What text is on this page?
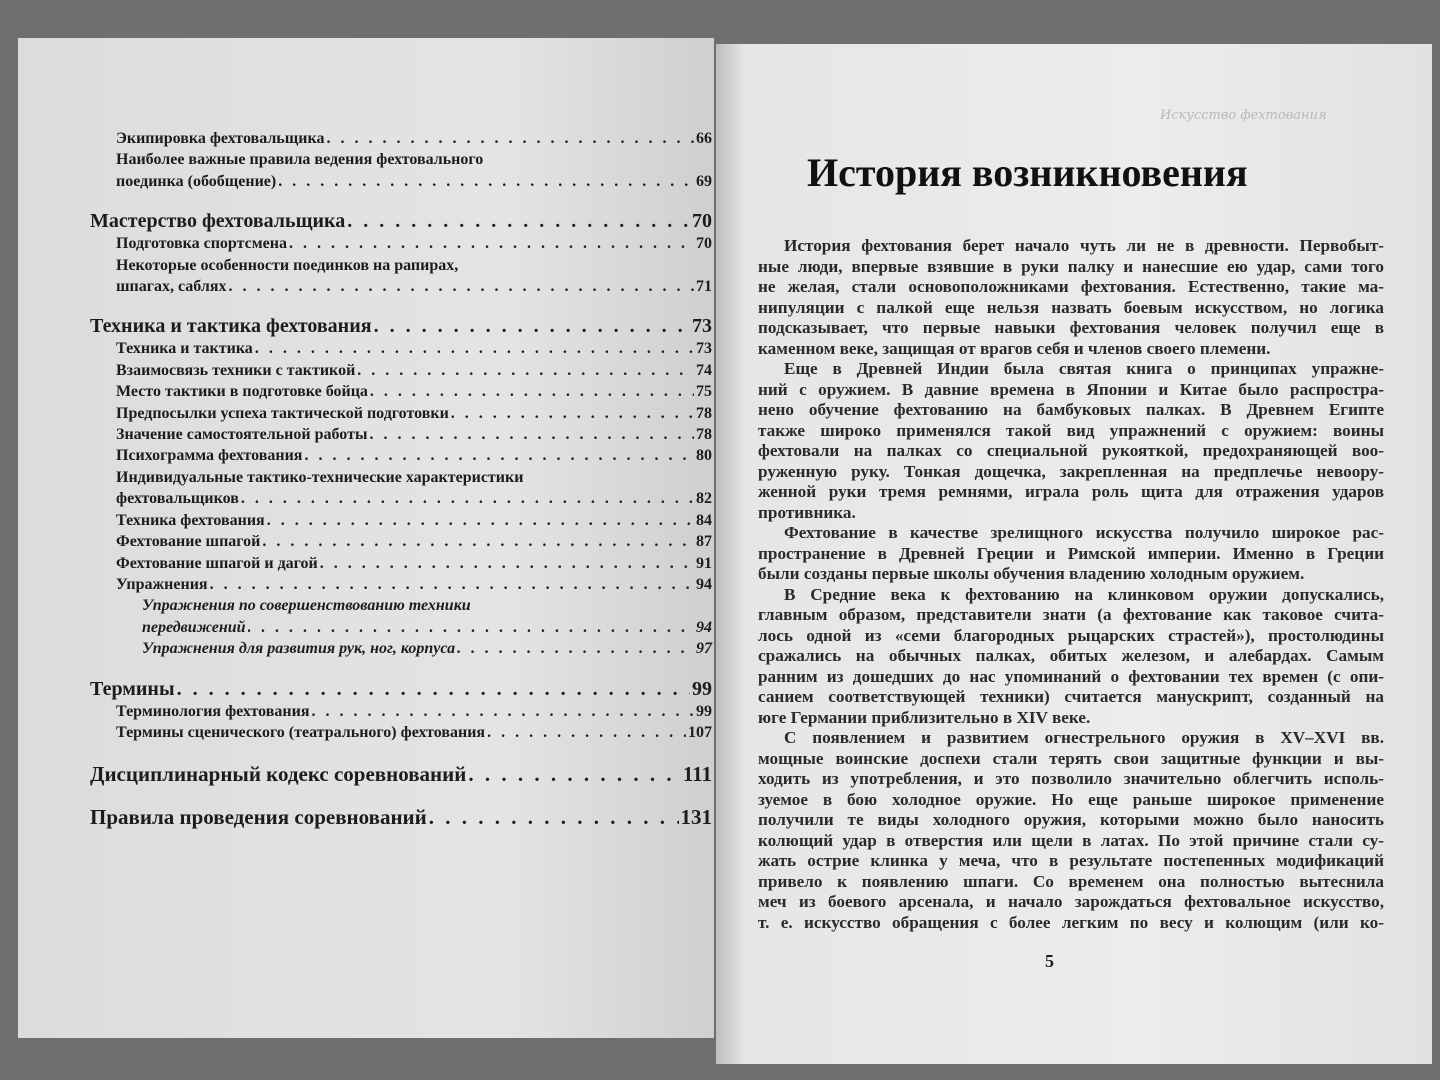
Экипировка фехтовальщика . . .	66
Наиболее важные правила ведения фехтовального
поединка (обобщение) . . .	69
Мастерство фехтовальщика . . .	70
Подготовка спортсмена . . .	70
Некоторые особенности поединков на рапирах,
шпагах, саблях . . .	71
Техника и тактика фехтования . . .	73
Техника и тактика . . .	73
Взаимосвязь техники с тактикой . . .	74
Место тактики в подготовке бойца . . .	75
Предпосылки успеха тактической подготовки . . .	78
Значение самостоятельной работы . . .	78
Психограмма фехтования . . .	80
Индивидуальные тактико-технические характеристики
фехтовальщиков . . .	82
Техника фехтования . . .	84
Фехтование шпагой . . .	87
Фехтование шпагой и дагой . . .	91
Упражнения . . .	94
Упражнения по совершенствованию техники
передвижений . . .	94
Упражнения для развития рук, ног, корпуса . . .	97
Термины . . .	99
Терминология фехтования . . .	99
Термины сценического (театрального) фехтования . . .	107
Дисциплинарный кодекс соревнований . . .	111
Правила проведения соревнований . . .	131
Искусство фехтования
История возникновения
История фехтования берет начало чуть ли не в древности. Первобыт-
ные люди, впервые взявшие в руки палку и нанесшие ею удар, сами того
не желая, стали основоположниками фехтования. Естественно, такие ма-
нипуляции с палкой еще нельзя назвать боевым искусством, но логика
подсказывает, что первые навыки фехтования человек получил еще в
каменном веке, защищая от врагов себя и членов своего племени.
Еще в Древней Индии была святая книга о принципах упражне-
ний с оружием. В давние времена в Японии и Китае было распростра-
нено обучение фехтованию на бамбуковых палках. В Древнем Египте
также широко применялся такой вид упражнений с оружием: воины
фехтовали на палках со специальной рукояткой, предохраняющей воо-
руженную руку. Тонкая дощечка, закрепленная на предплечье невоору-
женной руки тремя ремнями, играла роль щита для отражения ударов
противника.
Фехтование в качестве зрелищного искусства получило широкое рас-
пространение в Древней Греции и Римской империи. Именно в Греции
были созданы первые школы обучения владению холодным оружием.
В Средние века к фехтованию на клинковом оружии допускались,
главным образом, представители знати (а фехтование как таковое счита-
лось одной из «семи благородных рыцарских страстей»), простолюдины
сражались на обычных палках, обитых железом, и алебардах. Самым
ранним из дошедших до нас упоминаний о фехтовании тех времен (с опи-
санием соответствующей техники) считается манускрипт, созданный на
юге Германии приблизительно в XIV веке.
С появлением и развитием огнестрельного оружия в XV–XVI вв.
мощные воинские доспехи стали терять свои защитные функции и вы-
ходить из употребления, и это позволило значительно облегчить исполь-
зуемое в бою холодное оружие. Но еще раньше широкое применение
получили те виды холодного оружия, которыми можно было наносить
колющий удар в отверстия или щели в латах. По этой причине стали су-
жать острие клинка у меча, что в результате постепенных модификаций
привело к появлению шпаги. Со временем она полностью вытеснила
меч из боевого арсенала, и начало зарождаться фехтовальное искусство,
т. е. искусство обращения с более легким по весу и колющим (или ко-
5
